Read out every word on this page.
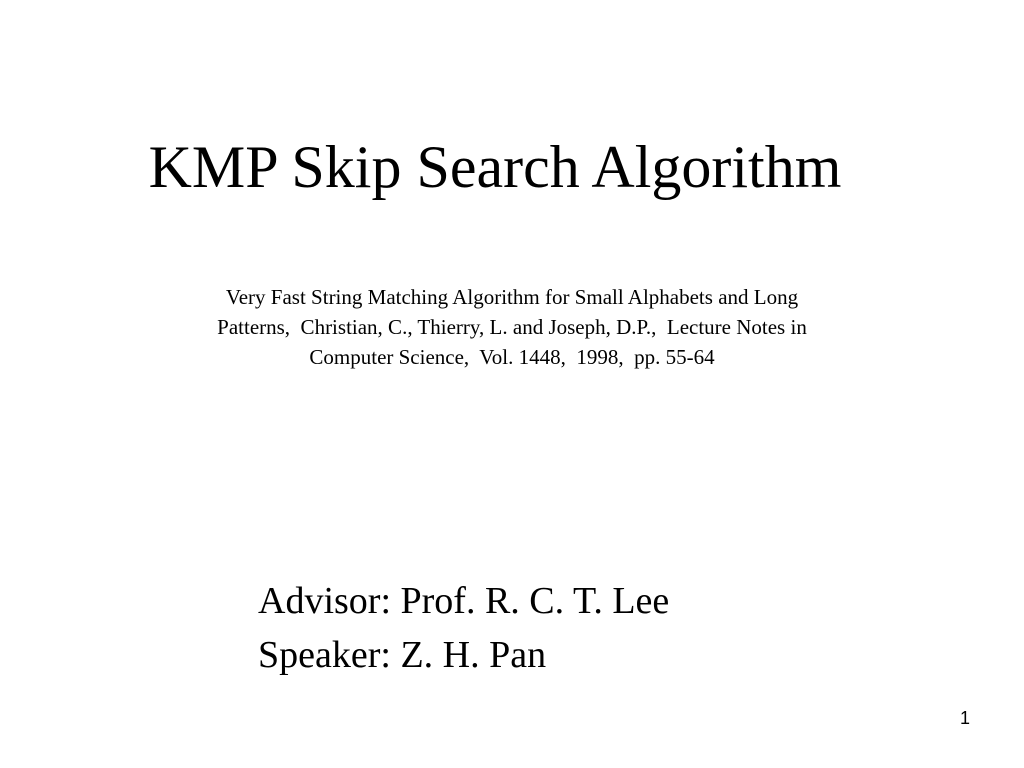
KMP Skip Search Algorithm
Very Fast String Matching Algorithm for Small Alphabets and Long
Patterns,  Christian, C., Thierry, L. and Joseph, D.P.,  Lecture Notes in
Computer Science,  Vol. 1448,  1998,  pp. 55-64
Advisor: Prof. R. C. T. Lee
Speaker: Z. H. Pan
1
